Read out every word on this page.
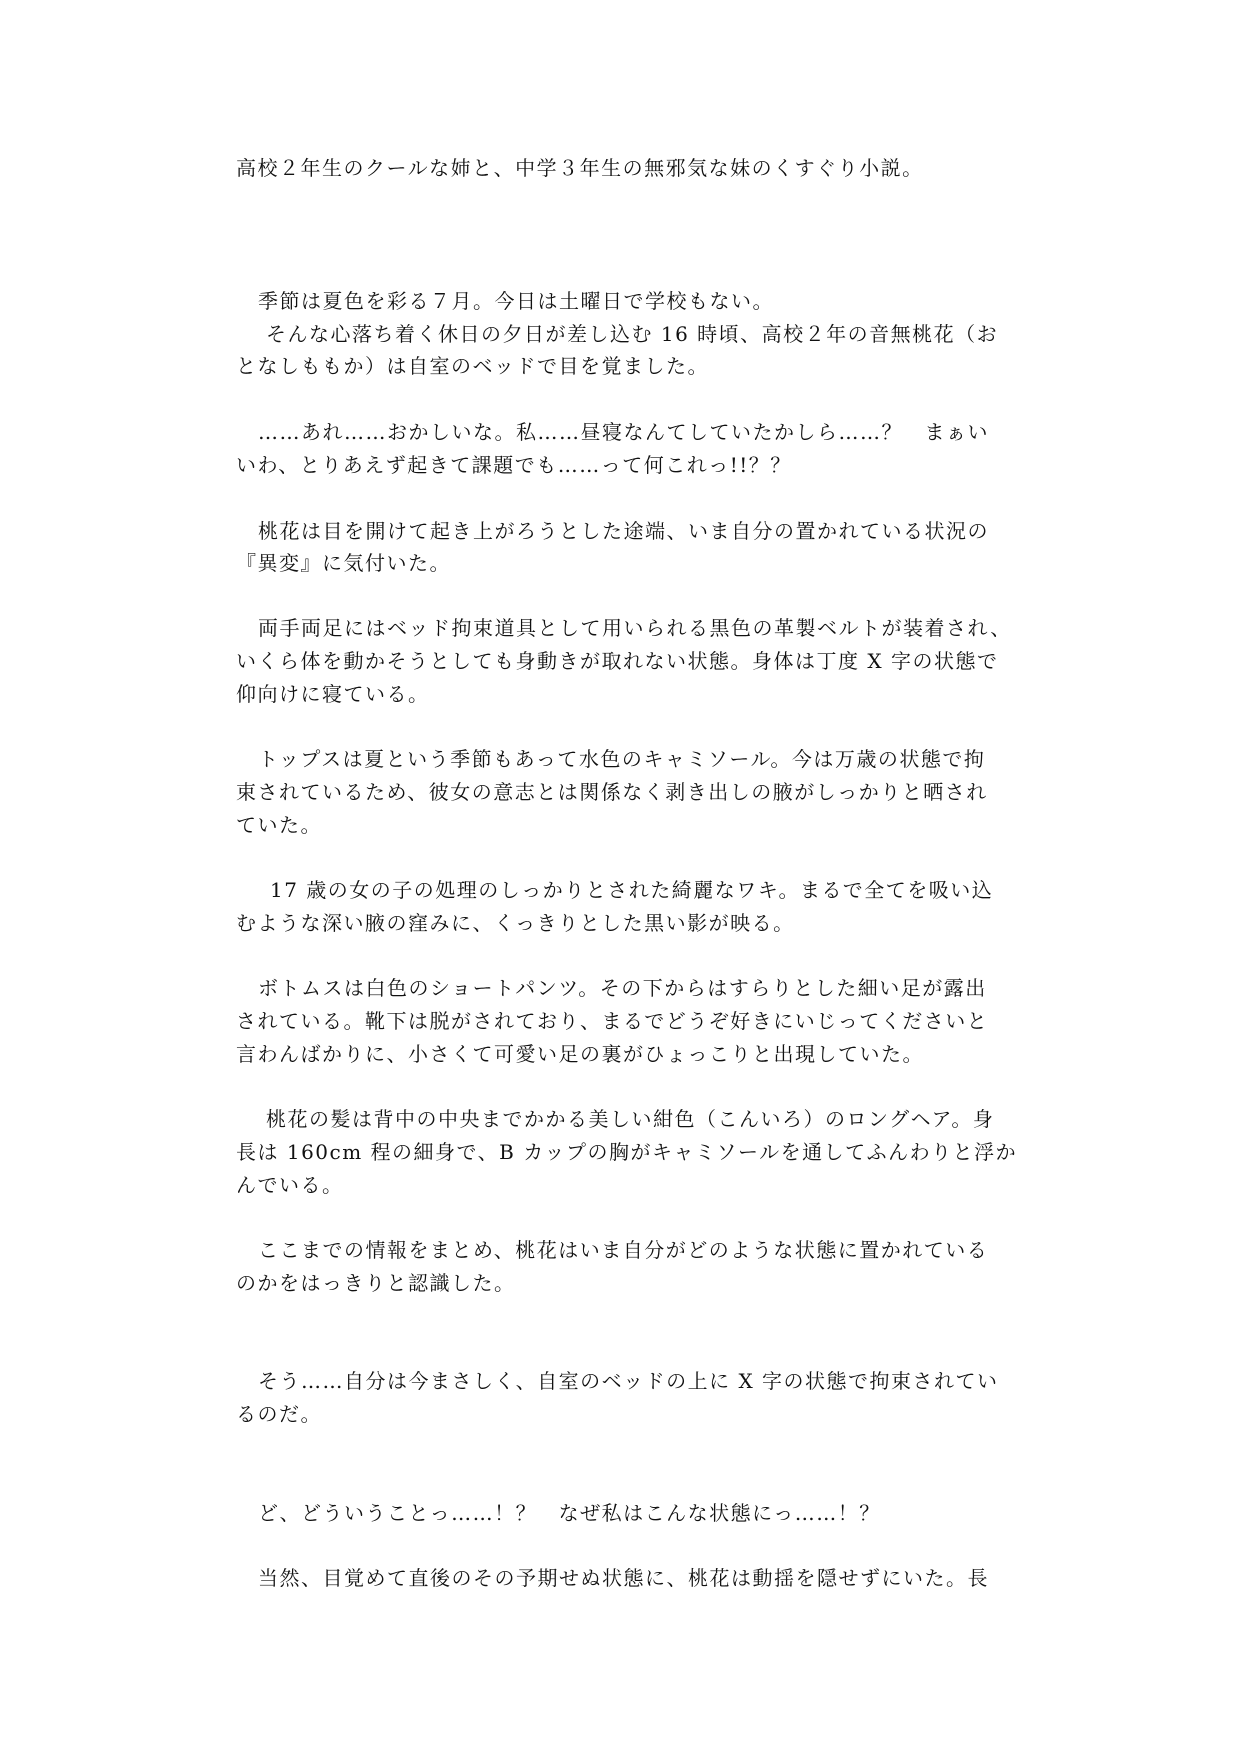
高校２年生のクールな姉と、中学３年生の無邪気な妹のくすぐり小説。
季節は夏色を彩る７月。今日は土曜日で学校もない。
そんな心落ち着く休日の夕日が差し込む 16 時頃、高校２年の音無桃花（お
となしももか）は自室のベッドで目を覚ました。
……あれ……おかしいな。私……昼寝なんてしていたかしら……？　まぁい
いわ、とりあえず起きて課題でも……って何これっ!!？？
桃花は目を開けて起き上がろうとした途端、いま自分の置かれている状況の
『異変』に気付いた。
両手両足にはベッド拘束道具として用いられる黒色の革製ベルトが装着され、
いくら体を動かそうとしても身動きが取れない状態。身体は丁度 X 字の状態で
仰向けに寝ている。
トップスは夏という季節もあって水色のキャミソール。今は万歳の状態で拘
束されているため、彼女の意志とは関係なく剥き出しの腋がしっかりと晒され
ていた。
17 歳の女の子の処理のしっかりとされた綺麗なワキ。まるで全てを吸い込
むような深い腋の窪みに、くっきりとした黒い影が映る。
ボトムスは白色のショートパンツ。その下からはすらりとした細い足が露出
されている。靴下は脱がされており、まるでどうぞ好きにいじってくださいと
言わんばかりに、小さくて可愛い足の裏がひょっこりと出現していた。
桃花の髪は背中の中央までかかる美しい紺色（こんいろ）のロングヘア。身
長は 160cm 程の細身で、B カップの胸がキャミソールを通してふんわりと浮か
んでいる。
ここまでの情報をまとめ、桃花はいま自分がどのような状態に置かれている
のかをはっきりと認識した。
そう……自分は今まさしく、自室のベッドの上に X 字の状態で拘束されてい
るのだ。
ど、どういうことっ……！？　なぜ私はこんな状態にっ……！？
当然、目覚めて直後のその予期せぬ状態に、桃花は動揺を隠せずにいた。長
